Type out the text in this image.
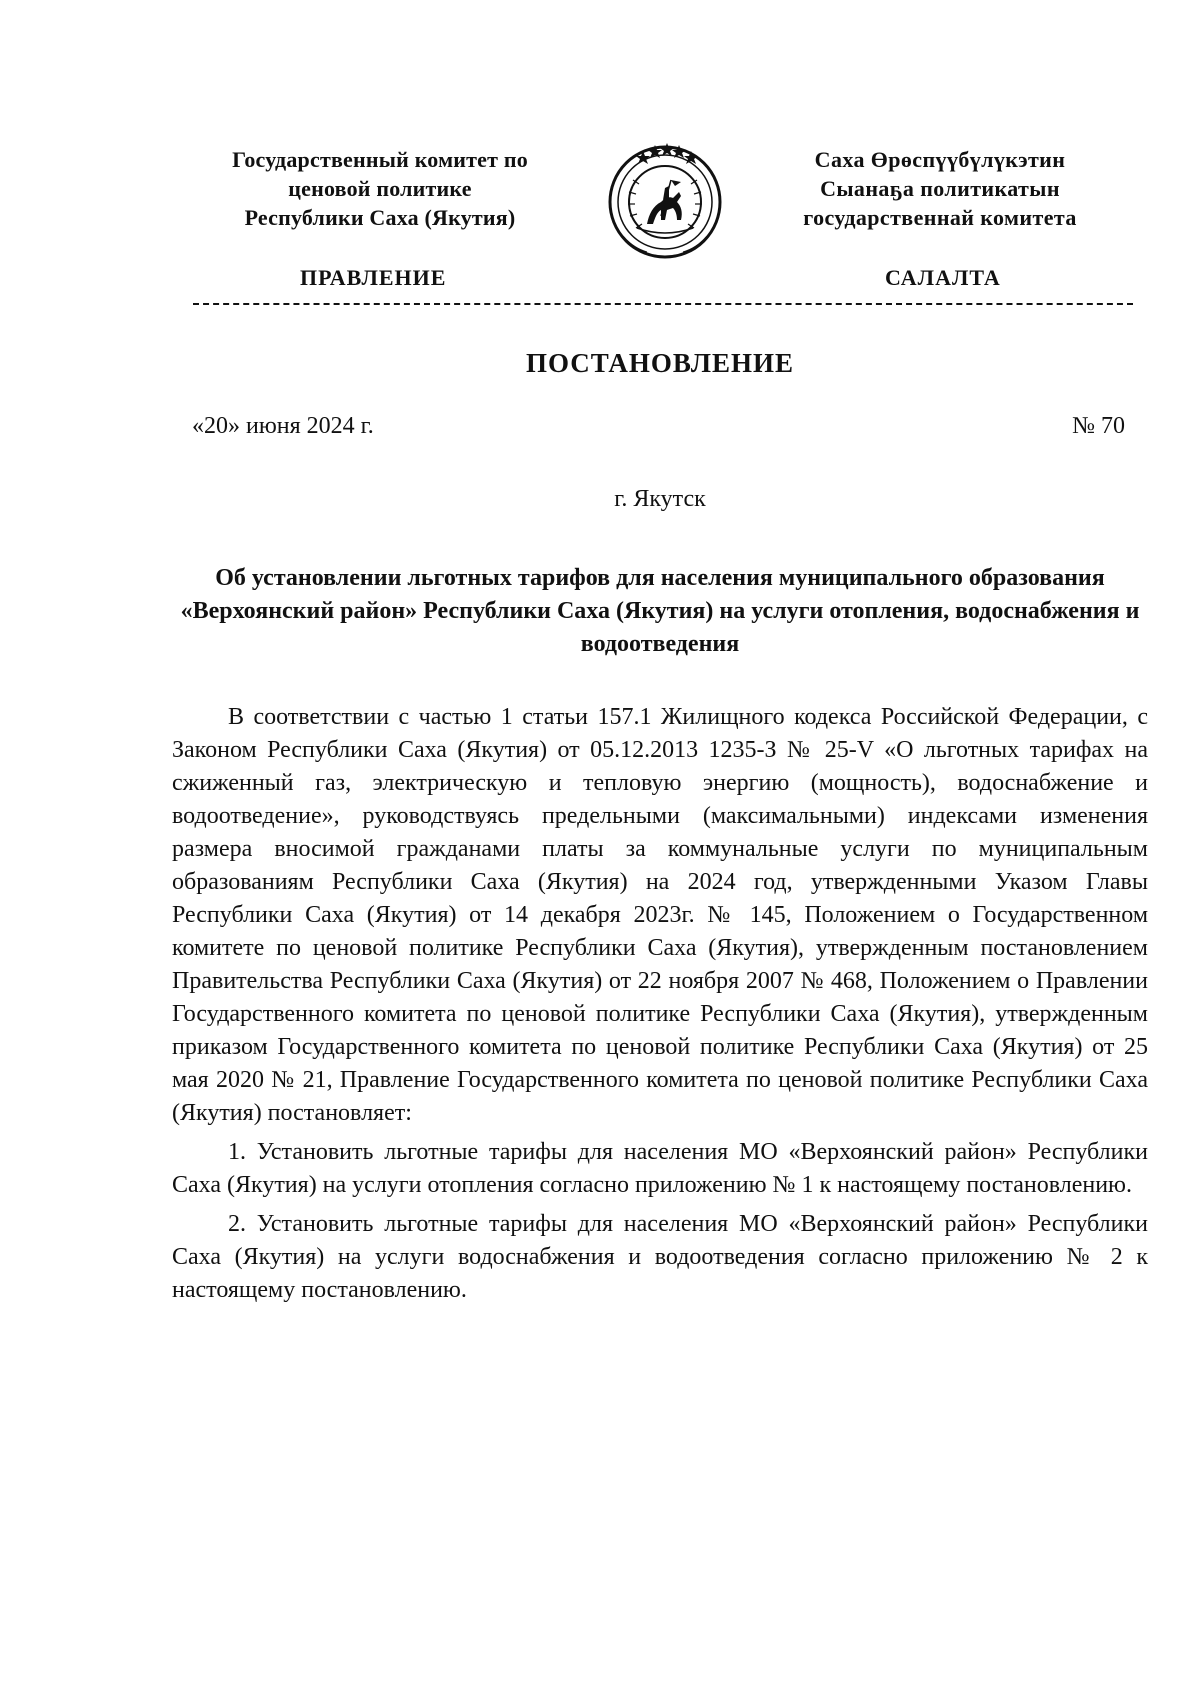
Государственный комитет по
ценовой политике
Республики Саха (Якутия)
Саха Өрөспүүбүлүкэтин
Сыанаҕа политикатын
государственнай комитета
ПРАВЛЕНИЕ	САЛАЛТА
ПОСТАНОВЛЕНИЕ
«20» июня 2024 г.	№ 70
г. Якутск
Об установлении льготных тарифов для населения муниципального образования «Верхоянский район» Республики Саха (Якутия) на услуги отопления, водоснабжения и водоотведения

В соответствии с частью 1 статьи 157.1 Жилищного кодекса Российской Федерации, с Законом Республики Саха (Якутия) от 05.12.2013 1235-З № 25-V «О льготных тарифах на сжиженный газ, электрическую и тепловую энергию (мощность), водоснабжение и водоотведение», руководствуясь предельными (максимальными) индексами изменения размера вносимой гражданами платы за коммунальные услуги по муниципальным образованиям Республики Саха (Якутия) на 2024 год, утвержденными Указом Главы Республики Саха (Якутия) от 14 декабря 2023г. № 145, Положением о Государственном комитете по ценовой политике Республики Саха (Якутия), утвержденным постановлением Правительства Республики Саха (Якутия) от 22 ноября 2007 № 468, Положением о Правлении Государственного комитета по ценовой политике Республики Саха (Якутия), утвержденным приказом Государственного комитета по ценовой политике Республики Саха (Якутия) от 25 мая 2020 № 21, Правление Государственного комитета по ценовой политике Республики Саха (Якутия) постановляет:

1. Установить льготные тарифы для населения МО «Верхоянский район» Республики Саха (Якутия) на услуги отопления согласно приложению № 1 к настоящему постановлению.

2. Установить льготные тарифы для населения МО «Верхоянский район» Республики Саха (Якутия) на услуги водоснабжения и водоотведения согласно приложению № 2 к настоящему постановлению.
